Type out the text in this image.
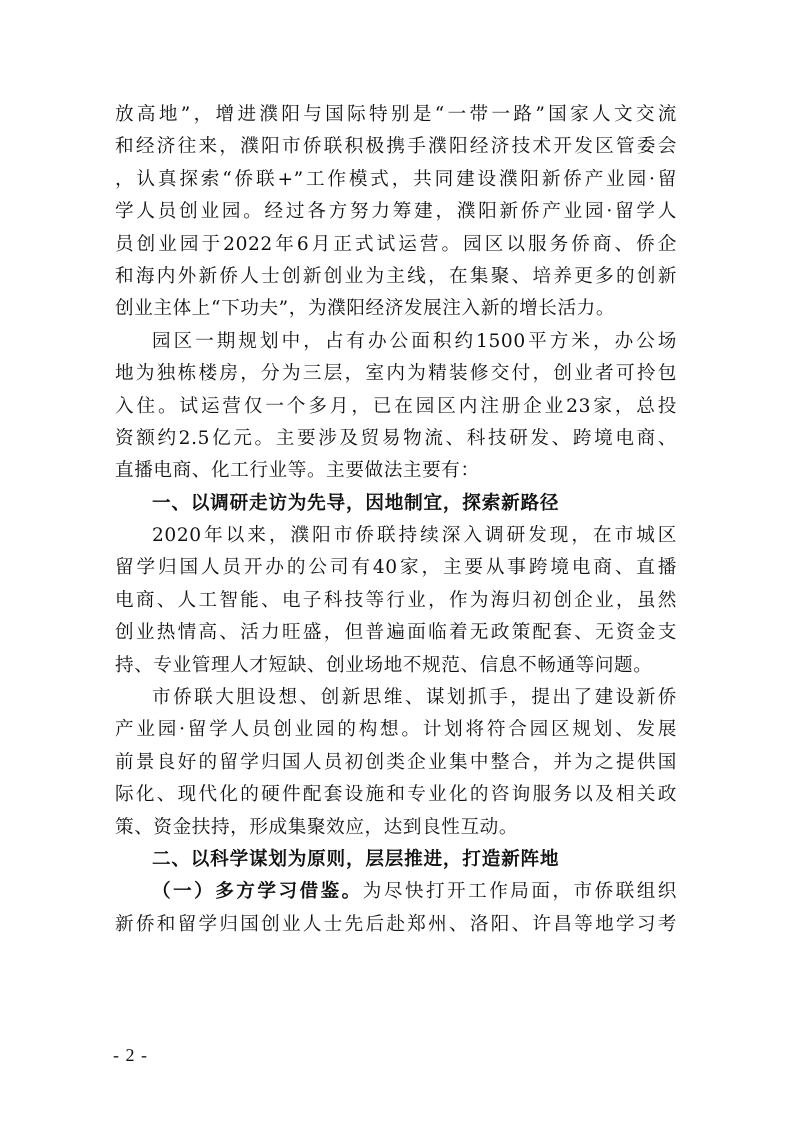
放高地”，增进濮阳与国际特别是“一带一路”国家人文交流
和经济往来，濮阳市侨联积极携手濮阳经济技术开发区管委会
，认真探索“侨联+”工作模式，共同建设濮阳新侨产业园·留
学人员创业园。经过各方努力筹建，濮阳新侨产业园·留学人
员创业园于2022年6月正式试运营。园区以服务侨商、侨企
和海内外新侨人士创新创业为主线，在集聚、培养更多的创新
创业主体上“下功夫”，为濮阳经济发展注入新的增长活力。
园区一期规划中，占有办公面积约1500平方米，办公场
地为独栋楼房，分为三层，室内为精装修交付，创业者可拎包
入住。试运营仅一个多月，已在园区内注册企业23家，总投
资额约2.5亿元。主要涉及贸易物流、科技研发、跨境电商、
直播电商、化工行业等。主要做法主要有：
一、以调研走访为先导，因地制宜，探索新路径
2020年以来，濮阳市侨联持续深入调研发现，在市城区
留学归国人员开办的公司有40家，主要从事跨境电商、直播
电商、人工智能、电子科技等行业，作为海归初创企业，虽然
创业热情高、活力旺盛，但普遍面临着无政策配套、无资金支
持、专业管理人才短缺、创业场地不规范、信息不畅通等问题。
市侨联大胆设想、创新思维、谋划抓手，提出了建设新侨
产业园·留学人员创业园的构想。计划将符合园区规划、发展
前景良好的留学归国人员初创类企业集中整合，并为之提供国
际化、现代化的硬件配套设施和专业化的咨询服务以及相关政
策、资金扶持，形成集聚效应，达到良性互动。
二、以科学谋划为原则，层层推进，打造新阵地
（一）多方学习借鉴。为尽快打开工作局面，市侨联组织
新侨和留学归国创业人士先后赴郑州、洛阳、许昌等地学习考
- 2 -
